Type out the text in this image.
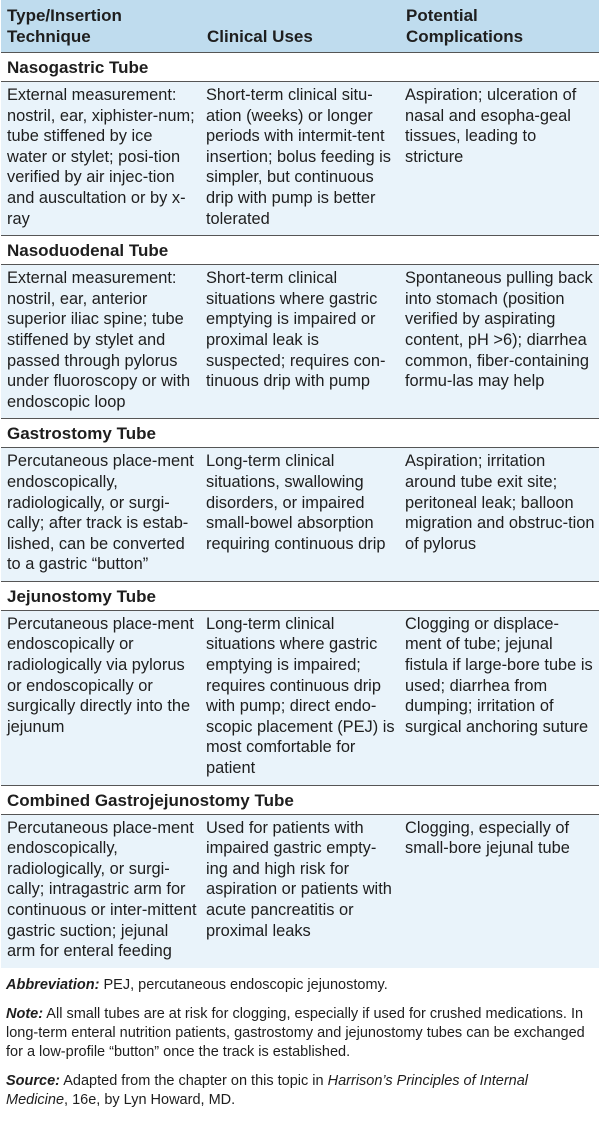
Type/Insertion Technique	Clinical Uses	Potential Complications
Nasogastric Tube		
External measurement: nostril, ear, xiphister-num; tube stiffened by ice water or stylet; posi-tion verified by air injec-tion and auscultation or by x-ray	Short-term clinical situ-ation (weeks) or longer periods with intermit-tent insertion; bolus feeding is simpler, but continuous drip with pump is better tolerated	Aspiration; ulceration of nasal and esopha-geal tissues, leading to stricture
Nasoduodenal Tube		
External measurement: nostril, ear, anterior superior iliac spine; tube stiffened by stylet and passed through pylorus under fluoroscopy or with endoscopic loop	Short-term clinical situations where gastric emptying is impaired or proximal leak is suspected; requires con-tinuous drip with pump	Spontaneous pulling back into stomach (position verified by aspirating content, pH >6); diarrhea common, fiber-containing formu-las may help
Gastrostomy Tube		
Percutaneous place-ment endoscopically, radiologically, or surgi-cally; after track is estab-lished, can be converted to a gastric “button”	Long-term clinical situations, swallowing disorders, or impaired small-bowel absorption requiring continuous drip	Aspiration; irritation around tube exit site; peritoneal leak; balloon migration and obstruc-tion of pylorus
Jejunostomy Tube		
Percutaneous place-ment endoscopically or radiologically via pylorus or endoscopically or surgically directly into the jejunum	Long-term clinical situations where gastric emptying is impaired; requires continuous drip with pump; direct endo-scopic placement (PEJ) is most comfortable for patient	Clogging or displace-ment of tube; jejunal fistula if large-bore tube is used; diarrhea from dumping; irritation of surgical anchoring suture
Combined Gastrojejunostomy Tube		
Percutaneous place-ment endoscopically, radiologically, or surgi-cally; intragastric arm for continuous or inter-mittent gastric suction; jejunal arm for enteral feeding	Used for patients with impaired gastric empty-ing and high risk for aspiration or patients with acute pancreatitis or proximal leaks	Clogging, especially of small-bore jejunal tube

Abbreviation: PEJ, percutaneous endoscopic jejunostomy.

Note: All small tubes are at risk for clogging, especially if used for crushed medications. In long-term enteral nutrition patients, gastrostomy and jejunostomy tubes can be exchanged for a low-profile “button” once the track is established.

Source: Adapted from the chapter on this topic in Harrison’s Principles of Internal Medicine, 16e, by Lyn Howard, MD.
